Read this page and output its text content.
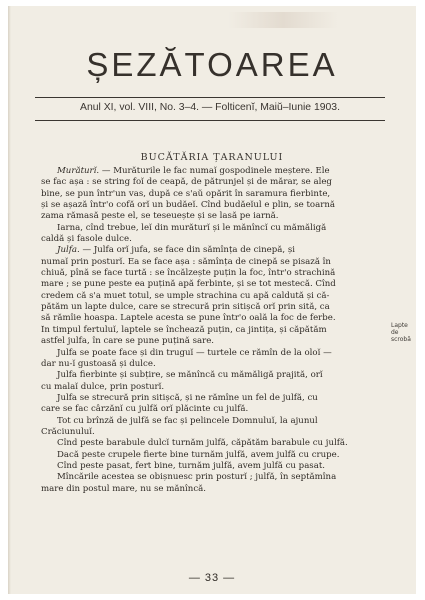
ȘEZĂTOAREA
Anul XI, vol. VIII, No. 3–4. — Folticenĭ, Maiŭ–Iunie 1903.
BUCĂTĂRIA ȚARANULUI
Murăturĭ. — Murăturile le fac numaĭ gospodinele meștere. Ele
se fac așa : se string foĭ de ceapă, de pătrunjel și de mărar, se aleg
bine, se pun într'un vas, după ce s'aŭ opărit în saramura fierbinte,
și se așază într'o cofă orĭ un budăeĭ. Cînd budăeĭul e plin, se toarnă
zama rămasă peste el, se teseuește și se lasă pe iarnă.
Iarna, cînd trebue, leĭ din murăturĭ și le mănîncĭ cu mămăligă
caldă și fasole dulce.
Julfa. — Julfa orĭ jufa, se face din sămînța de cinepă, și
numaĭ prin posturĭ. Ea se face așa : sămînța de cinepă se pisază în
chiuă, pînă se face turtă : se încălzește puțin la foc, într'o strachină
mare ; se pune peste ea puțină apă ferbinte, și se tot mestecă. Cînd
credem că s'a muet totul, se umple strachina cu apă caldută și că-
pătăm un lapte dulce, care se strecură prin sitișcă orĭ prin sită, ca
să rămîie hoaspa. Laptele acesta se pune într'o oală la foc de ferbe.
În timpul fertuluĭ, laptele se închează puțin, ca jintița, și căpătăm
astfel julfa, în care se pune puțină sare.
Julfa se poate face și din truguĭ — turtele ce rămîn de la oloĭ —
dar nu-ĭ gustoasă și dulce.
Julfa fierbinte și subțire, se mănîncă cu mămăligă prajită, orĭ
cu malaĭ dulce, prin posturĭ.
Julfa se strecură prin sitișcă, și ne rămîne un fel de julfă, cu
care se fac cârzănĭ cu julfă orĭ plăcinte cu julfă.
Tot cu brînză de julfă se fac și pelincele Domnuluĭ, la ajunul
Crăciunuluĭ.
Cînd peste barabule dulcĭ turnăm julfă, căpătăm barabule cu julfă.
Dacă peste crupele fierte bine turnăm julfă, avem julfă cu crupe.
Cînd peste pasat, fert bine, turnăm julfă, avem julfă cu pasat.
Mîncările acestea se obișnuesc prin posturĭ ; julfă, în septămîna
mare din postul mare, nu se mănîncă.
Lapte de scrobă
— 33 —
